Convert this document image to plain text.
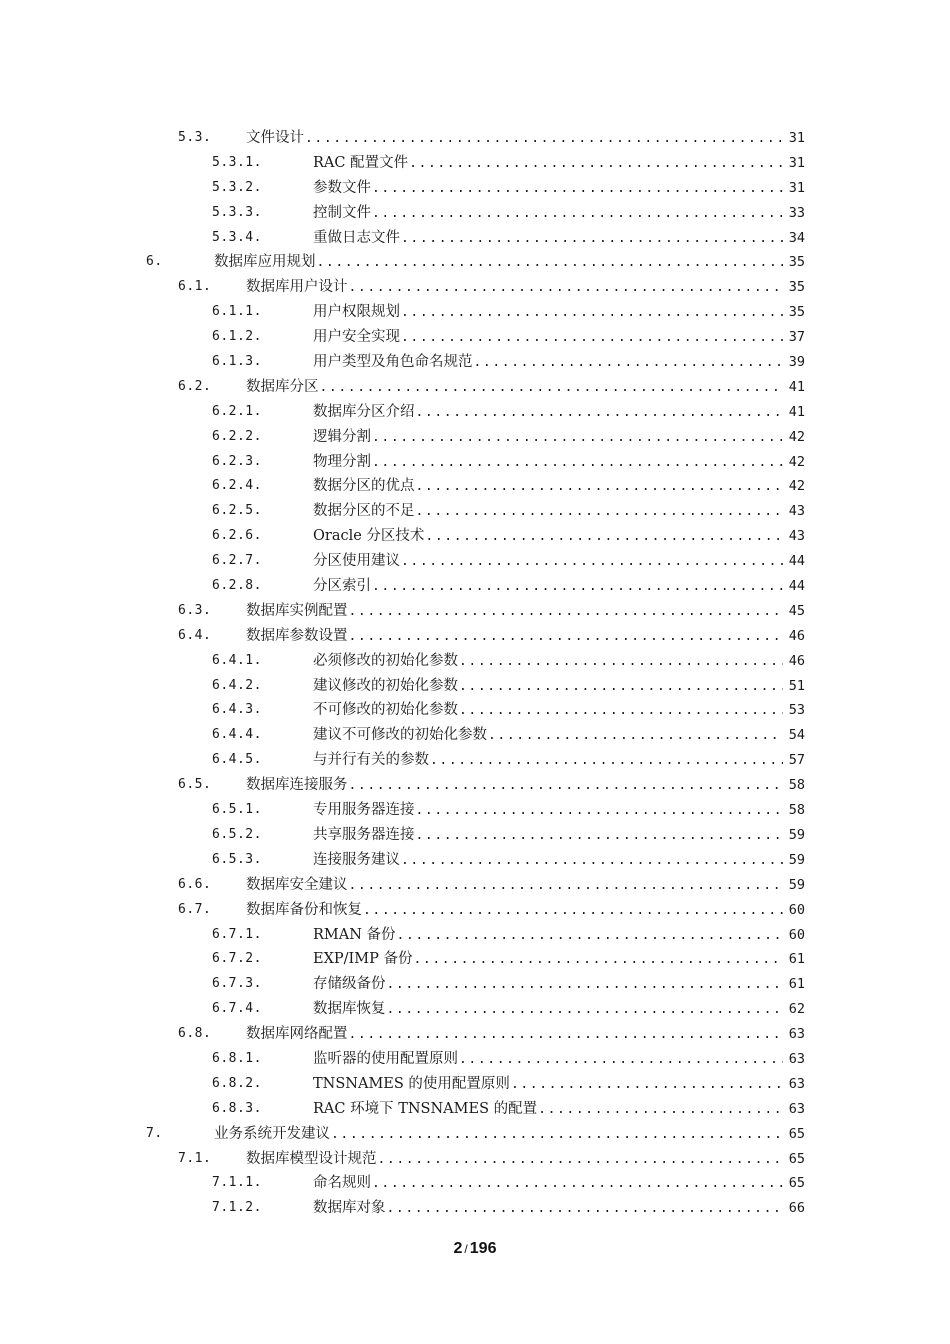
5.3. 文件设计 .....	31
5.3.1.	RAC 配置文件 .....	31
5.3.2.	参数文件 .....	31
5.3.3.	控制文件 .....	33
5.3.4.	重做日志文件 .....	34
6.	数据库应用规划 .....	35
6.1. 数据库用户设计 .....	35
6.1.1.	用户权限规划 .....	35
6.1.2.	用户安全实现 .....	37
6.1.3.	用户类型及角色命名规范 .....	39
6.2. 数据库分区 .....	41
6.2.1.	数据库分区介绍 .....	41
6.2.2.	逻辑分割 .....	42
6.2.3.	物理分割 .....	42
6.2.4.	数据分区的优点 .....	42
6.2.5.	数据分区的不足 .....	43
6.2.6.	Oracle 分区技术 .....	43
6.2.7.	分区使用建议 .....	44
6.2.8.	分区索引 .....	44
6.3. 数据库实例配置 .....	45
6.4. 数据库参数设置 .....	46
6.4.1.	必须修改的初始化参数 .....	46
6.4.2.	建议修改的初始化参数 .....	51
6.4.3.	不可修改的初始化参数 .....	53
6.4.4.	建议不可修改的初始化参数 .....	54
6.4.5.	与并行有关的参数 .....	57
6.5. 数据库连接服务 .....	58
6.5.1.	专用服务器连接 .....	58
6.5.2.	共享服务器连接 .....	59
6.5.3.	连接服务建议 .....	59
6.6. 数据库安全建议 .....	59
6.7. 数据库备份和恢复 .....	60
6.7.1.	RMAN 备份 .....	60
6.7.2.	EXP/IMP 备份 .....	61
6.7.3.	存储级备份 .....	61
6.7.4.	数据库恢复 .....	62
6.8. 数据库网络配置 .....	63
6.8.1.	监听器的使用配置原则 .....	63
6.8.2.	TNSNAMES 的使用配置原则 .....	63
6.8.3.	RAC 环境下 TNSNAMES 的配置 .....	63
7.	业务系统开发建议 .....	65
7.1. 数据库模型设计规范 .....	65
7.1.1.	命名规则 .....	65
7.1.2.	数据库对象 .....	66
2 / 196
